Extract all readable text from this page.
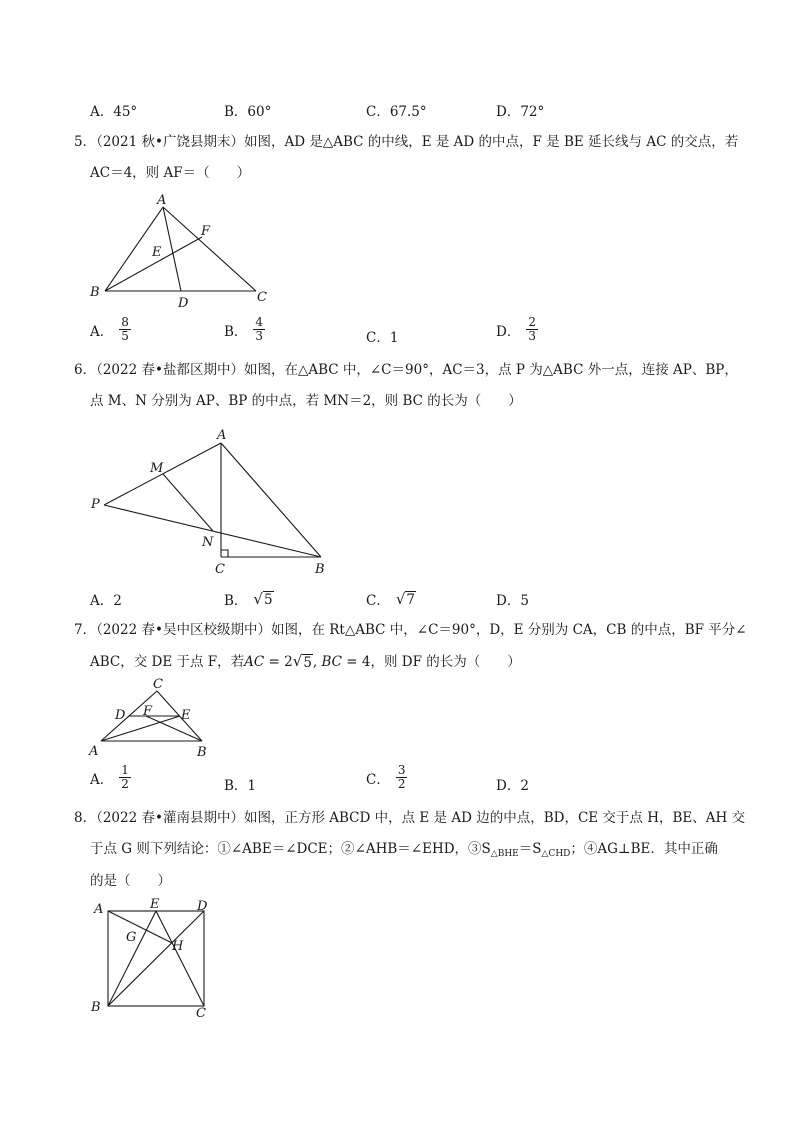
A．45°	B．60°	C．67.5°	D．72°
5．（2021 秋•广饶县期末）如图，AD 是△ABC 的中线，E 是 AD 的中点，F 是 BE 延长线与 AC 的交点，若
AC＝4，则 AF＝（　　）
A
B	C
D
E
F
A． $\frac{8}{5}$	B． $\frac{4}{3}$	C．1	D． $\frac{2}{3}$
6．（2022 春•盐都区期中）如图，在△ABC 中，∠C＝90°，AC＝3，点 P 为△ABC 外一点，连接 AP、BP，
点 M、N 分别为 AP、BP 的中点，若 MN＝2，则 BC 的长为（　　）
A
B
C
M
N
P
A．2	B． √ 5	C． √ 7	D．5
7．（2022 春•吴中区校级期中）如图，在 Rt△ABC 中，∠C＝90°，D，E 分别为 CA，CB 的中点，BF 平分∠
ABC，交 DE 于点 F，若AC = 2 √ 5 , BC = 4，则 DF 的长为（　　）
C
D F E
A	B
A． $\frac{1}{2}$	B．1	C． $\frac{3}{2}$	D．2
8．（2022 春•灌南县期中）如图，正方形 ABCD 中，点 E 是 AD 边的中点，BD，CE 交于点 H，BE、AH 交
于点 G 则下列结论：①∠ABE＝∠DCE；②∠AHB＝∠EHD，$③S_{\triangle BHE}=S_{\triangle CHD}$；④AG⊥BE．其中正确
的是（　　）
A	E	D
G
H
B	C
